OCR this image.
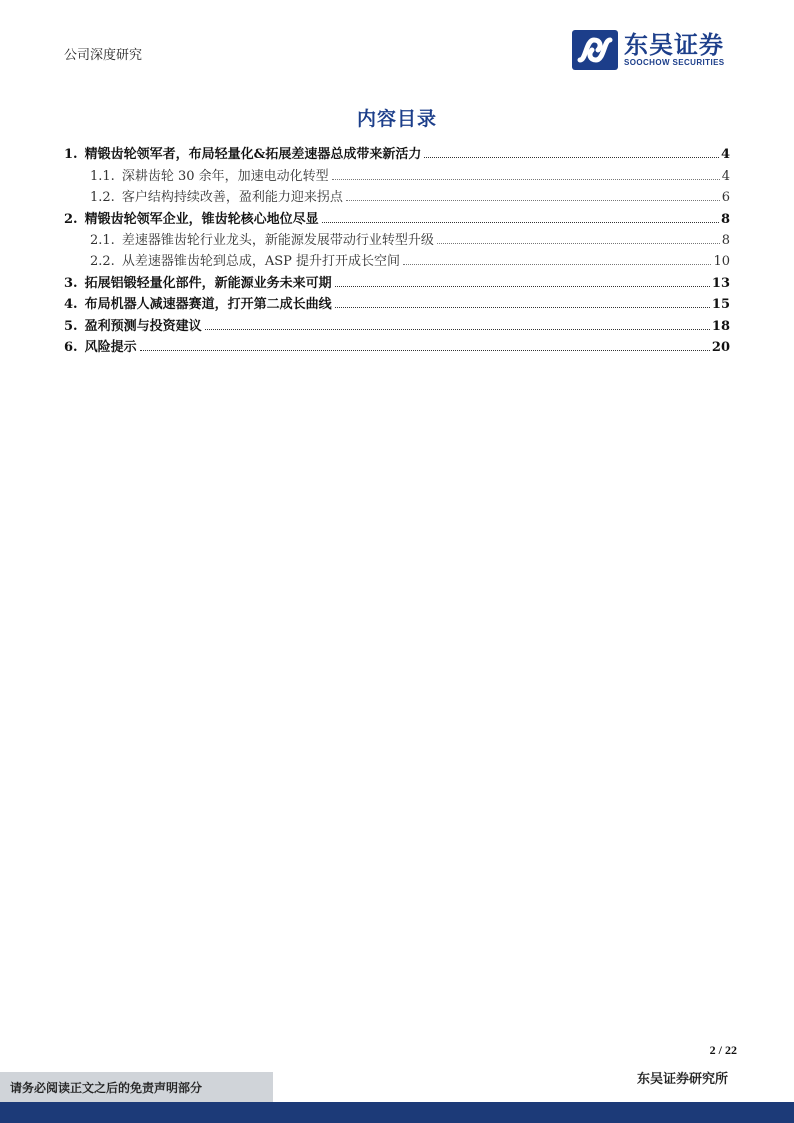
公司深度研究	东吴证券
SOOCHOW SECURITIES
内容目录
1. 精锻齿轮领军者，布局轻量化&拓展差速器总成带来新活力	4
1.1. 深耕齿轮 30 余年，加速电动化转型	4
1.2. 客户结构持续改善，盈利能力迎来拐点	6
2. 精锻齿轮领军企业，锥齿轮核心地位尽显	8
2.1. 差速器锥齿轮行业龙头，新能源发展带动行业转型升级	8
2.2. 从差速器锥齿轮到总成，ASP 提升打开成长空间	10
3. 拓展铝锻轻量化部件，新能源业务未来可期	13
4. 布局机器人减速器赛道，打开第二成长曲线	15
5. 盈利预测与投资建议	18
6. 风险提示	20
2 / 22
请务必阅读正文之后的免责声明部分
东吴证券研究所
